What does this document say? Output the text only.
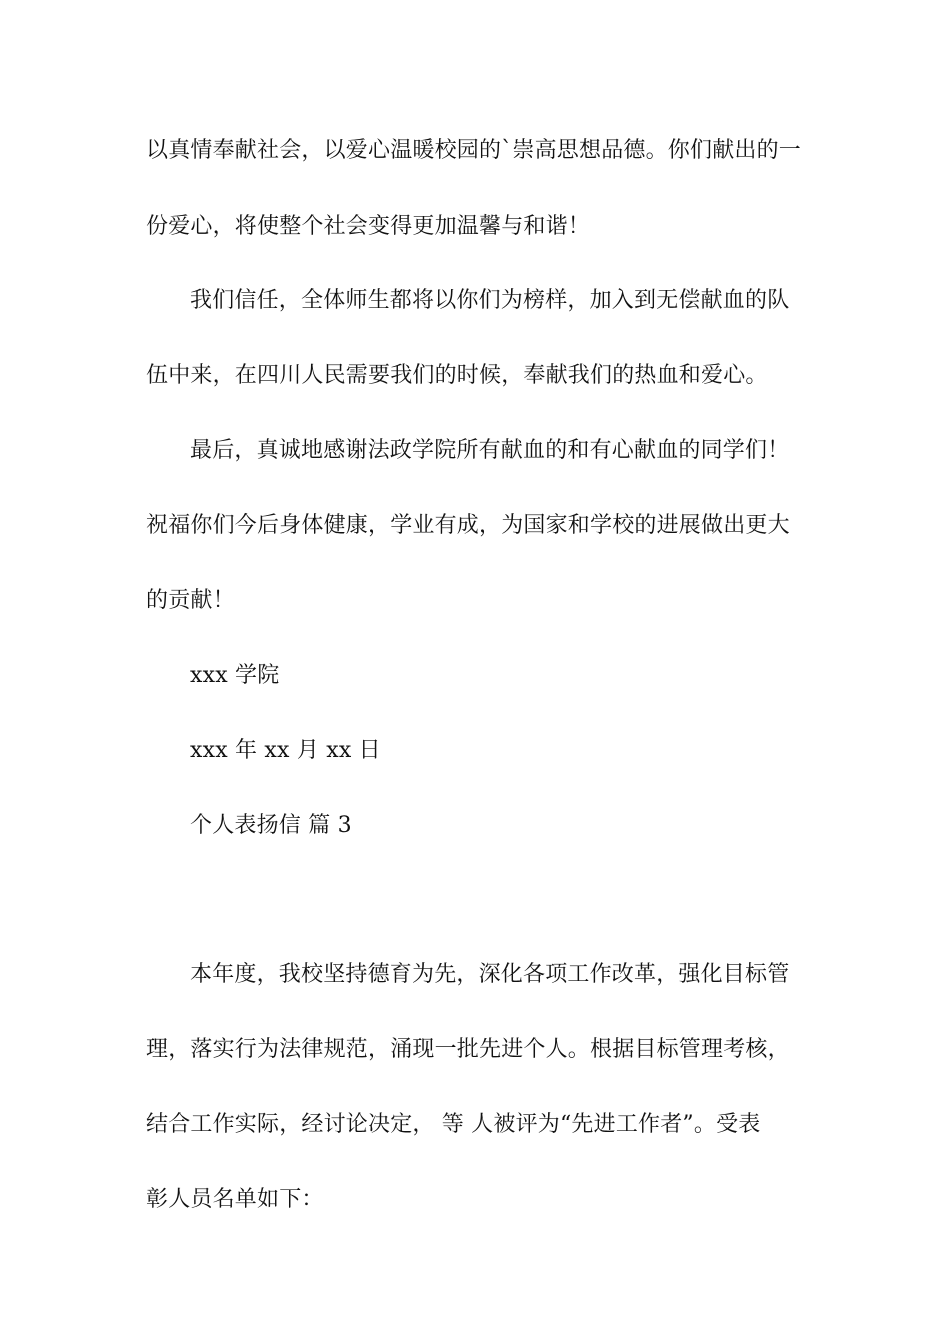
以真情奉献社会，以爱心温暖校园的`崇高思想品德。你们献出的一
份爱心，将使整个社会变得更加温馨与和谐！
我们信任，全体师生都将以你们为榜样，加入到无偿献血的队
伍中来，在四川人民需要我们的时候，奉献我们的热血和爱心。
最后，真诚地感谢法政学院所有献血的和有心献血的同学们！
祝福你们今后身体健康，学业有成，为国家和学校的进展做出更大
的贡献！
xxx 学院
xxx 年 xx 月 xx 日
个人表扬信 篇 3
本年度，我校坚持德育为先，深化各项工作改革，强化目标管
理，落实行为法律规范，涌现一批先进个人。根据目标管理考核，
结合工作实际，经讨论决定， 等 人被评为“先进工作者”。受表
彰人员名单如下：
